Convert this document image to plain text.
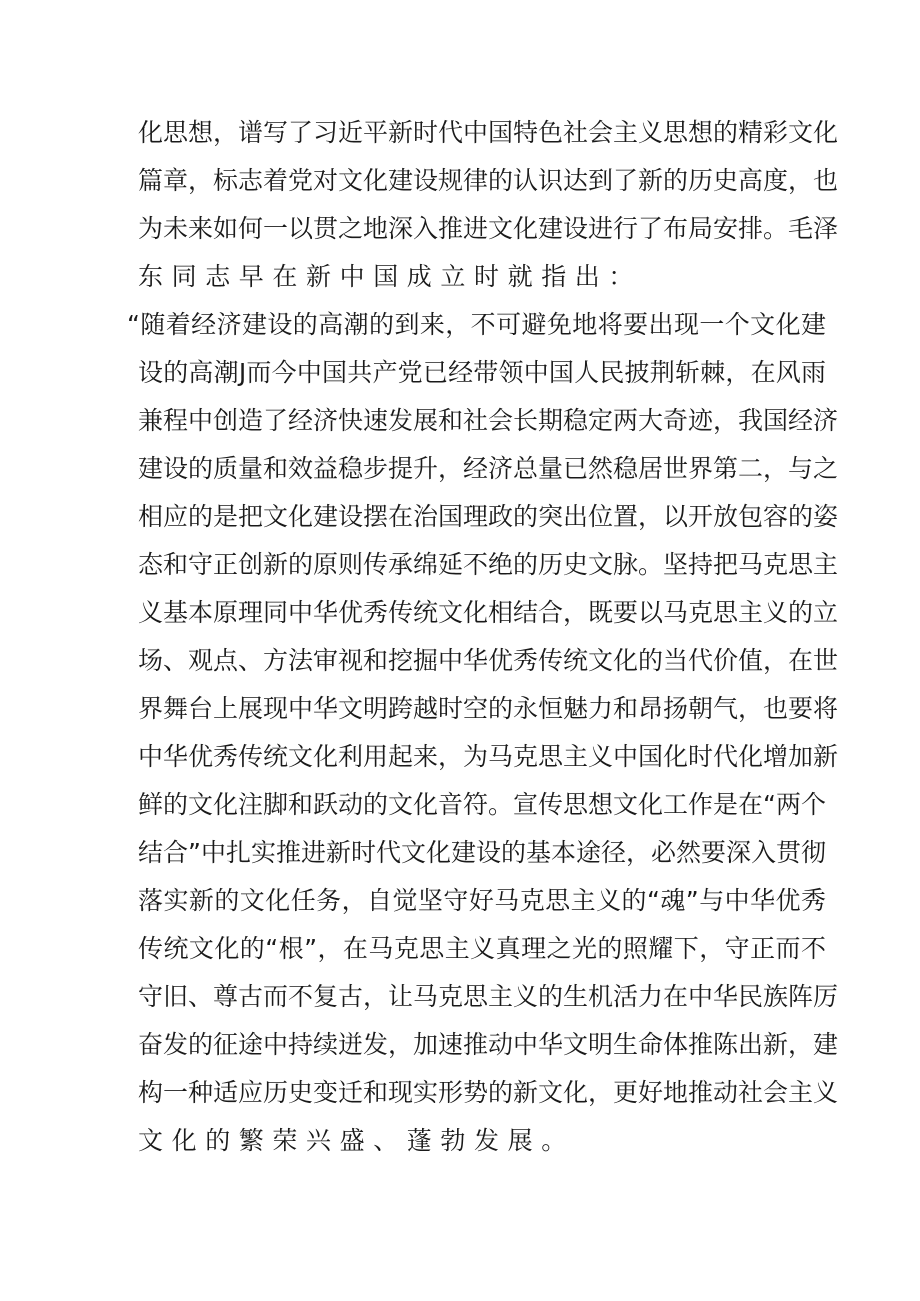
化思想，谱写了习近平新时代中国特色社会主义思想的精彩文化
篇章，标志着党对文化建设规律的认识达到了新的历史高度，也
为未来如何一以贯之地深入推进文化建设进行了布局安排。毛泽
东同志早在新中国成立时就指出：
“随着经济建设的高潮的到来，不可避免地将要出现一个文化建
设的高潮J而今中国共产党已经带领中国人民披荆斩棘，在风雨
兼程中创造了经济快速发展和社会长期稳定两大奇迹，我国经济
建设的质量和效益稳步提升，经济总量已然稳居世界第二，与之
相应的是把文化建设摆在治国理政的突出位置，以开放包容的姿
态和守正创新的原则传承绵延不绝的历史文脉。坚持把马克思主
义基本原理同中华优秀传统文化相结合，既要以马克思主义的立
场、观点、方法审视和挖掘中华优秀传统文化的当代价值，在世
界舞台上展现中华文明跨越时空的永恒魅力和昂扬朝气，也要将
中华优秀传统文化利用起来，为马克思主义中国化时代化增加新
鲜的文化注脚和跃动的文化音符。宣传思想文化工作是在“两个
结合”中扎实推进新时代文化建设的基本途径，必然要深入贯彻
落实新的文化任务，自觉坚守好马克思主义的“魂”与中华优秀
传统文化的“根”，在马克思主义真理之光的照耀下，守正而不
守旧、尊古而不复古，让马克思主义的生机活力在中华民族阵厉
奋发的征途中持续迸发，加速推动中华文明生命体推陈出新，建
构一种适应历史变迁和现实形势的新文化，更好地推动社会主义
文化的繁荣兴盛、蓬勃发展。
